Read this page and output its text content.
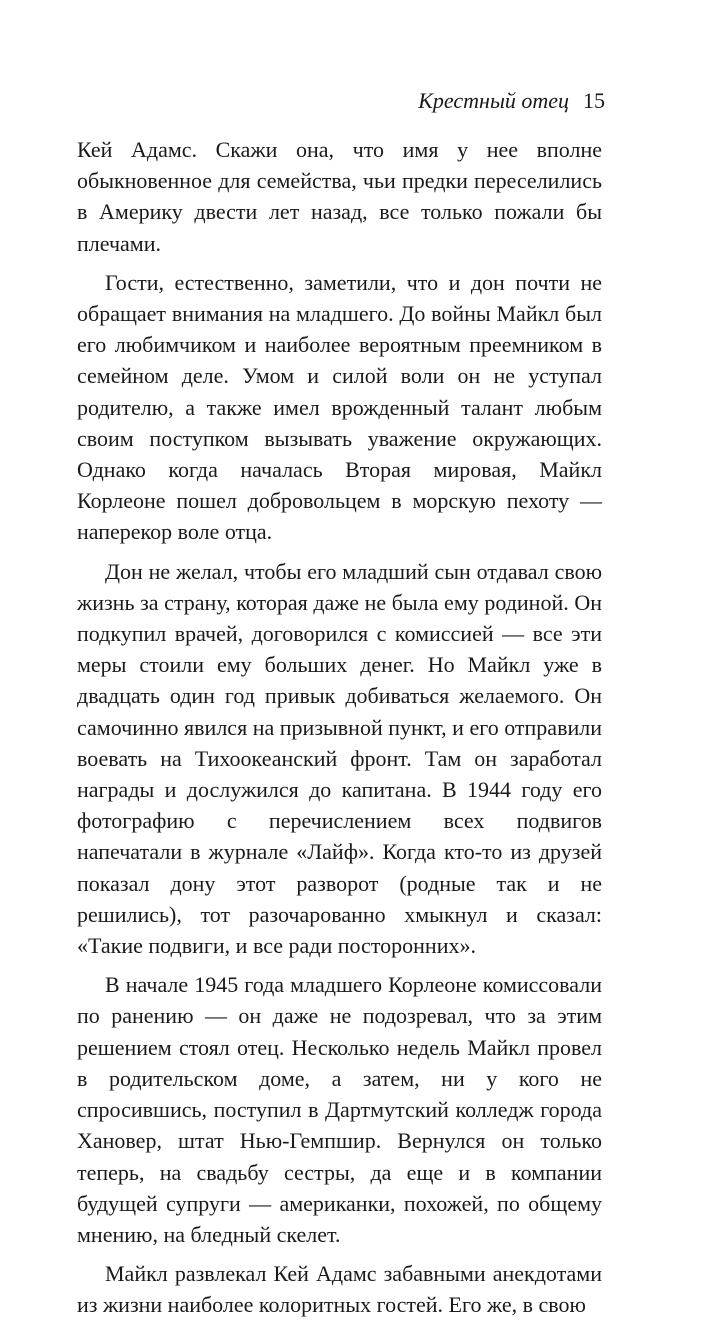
Крестный отец 15

Кей Адамс. Скажи она, что имя у нее вполне обыкновенное для семейства, чьи предки переселились в Америку двести лет назад, все только пожали бы плечами.

Гости, естественно, заметили, что и дон почти не обращает внимания на младшего. До войны Майкл был его любимчиком и наиболее вероятным преемником в семейном деле. Умом и силой воли он не уступал родителю, а также имел врожденный талант любым своим поступком вызывать уважение окружающих. Однако когда началась Вторая мировая, Майкл Корлеоне пошел добровольцем в морскую пехоту — наперекор воле отца.

Дон не желал, чтобы его младший сын отдавал свою жизнь за страну, которая даже не была ему родиной. Он подкупил врачей, договорился с комиссией — все эти меры стоили ему больших денег. Но Майкл уже в двадцать один год привык добиваться желаемого. Он самочинно явился на призывной пункт, и его отправили воевать на Тихоокеанский фронт. Там он заработал награды и дослужился до капитана. В 1944 году его фотографию с перечислением всех подвигов напечатали в журнале «Лайф». Когда кто-то из друзей показал дону этот разворот (родные так и не решились), тот разочарованно хмыкнул и сказал: «Такие подвиги, и все ради посторонних».

В начале 1945 года младшего Корлеоне комиссовали по ранению — он даже не подозревал, что за этим решением стоял отец. Несколько недель Майкл провел в родительском доме, а затем, ни у кого не спросившись, поступил в Дартмутский колледж города Хановер, штат Нью-Гемпшир. Вернулся он только теперь, на свадьбу сестры, да еще и в компании будущей супруги — американки, похожей, по общему мнению, на бледный скелет.

Майкл развлекал Кей Адамс забавными анекдотами из жизни наиболее колоритных гостей. Его же, в свою
